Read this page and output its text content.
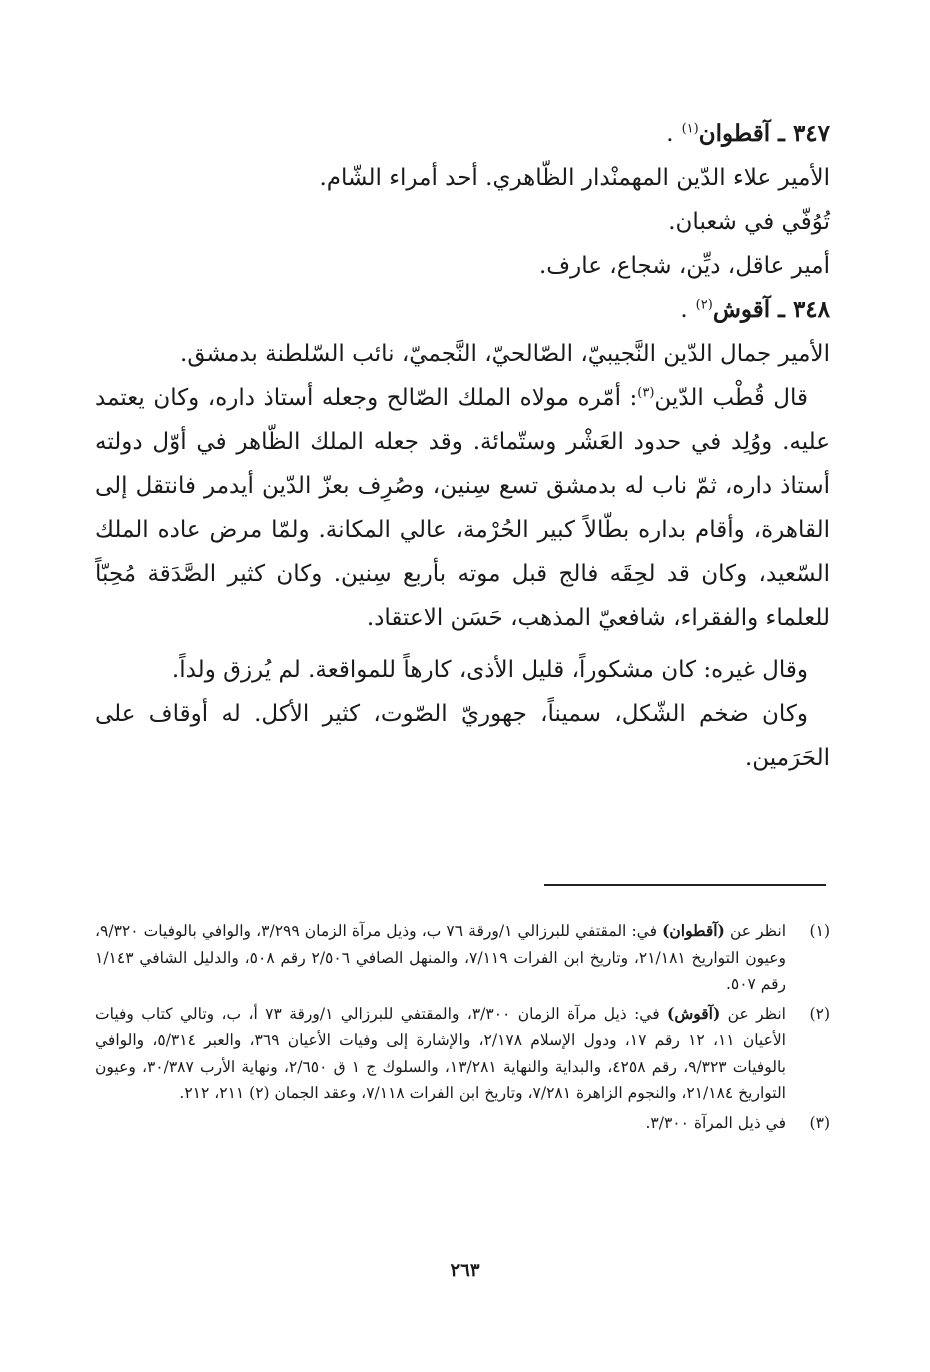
٣٤٧ ـ آقطوان$^{(١)}$ .

الأمير علاء الدّين المهمنْدار الظّاهري. أحد أمراء الشّام.

تُوُفّي في شعبان.

أمير عاقل، ديِّن، شجاع، عارف.

٣٤٨ ـ آقوش$^{(٢)}$ .

الأمير جمال الدّين النَّجيبيّ، الصّالحيّ، النَّجميّ، نائب السّلطنة بدمشق.

قال قُطْب الدّين$^{(٣)}$: أمّره مولاه الملك الصّالح وجعله أستاذ داره، وكان يعتمد عليه. ووُلِد في حدود العَشْر وستّمائة. وقد جعله الملك الظّاهر في أوّل دولته أستاذ داره، ثمّ ناب له بدمشق تسع سِنين، وصُرِف بعزّ الدّين أيدمر فانتقل إلى القاهرة، وأقام بداره بطّالاً كبير الحُرْمة، عالي المكانة. ولمّا مرض عاده الملك السّعيد، وكان قد لحِقَه فالج قبل موته بأربع سِنين. وكان كثير الصَّدَقة مُحِبّاً للعلماء والفقراء، شافعيّ المذهب، حَسَن الاعتقاد.

وقال غيره: كان مشكوراً، قليل الأذى، كارهاً للمواقعة. لم يُرزق ولداً.

وكان ضخم الشّكل، سميناً، جهوريّ الصّوت، كثير الأكل. له أوقاف على الحَرَمين.

(١)
انظر عن (آقطوان) في: المقتفي للبرزالي ١/ورقة ٧٦ ب، وذيل مرآة الزمان ٣/٢٩٩، والوافي بالوفيات ٩/٣٢٠، وعيون التواريخ ٢١/١٨١، وتاريخ ابن الفرات ٧/١١٩، والمنهل الصافي ٢/٥٠٦ رقم ٥٠٨، والدليل الشافي ١/١٤٣ رقم ٥٠٧.
(٢)
انظر عن (آقوش) في: ذيل مرآة الزمان ٣/٣٠٠، والمقتفي للبرزالي ١/ورقة ٧٣ أ، ب، وتالي كتاب وفيات الأعيان ١١، ١٢ رقم ١٧، ودول الإسلام ٢/١٧٨، والإشارة إلى وفيات الأعيان ٣٦٩، والعبر ٥/٣١٤، والوافي بالوفيات ٩/٣٢٣، رقم ٤٢٥٨، والبداية والنهاية ١٣/٢٨١، والسلوك ج ١ ق ٢/٦٥٠، ونهاية الأرب ٣٠/٣٨٧، وعيون التواريخ ٢١/١٨٤، والنجوم الزاهرة ٧/٢٨١، وتاريخ ابن الفرات ٧/١١٨، وعقد الجمان (٢) ٢١١، ٢١٢.
(٣)
في ذيل المرآة ٣/٣٠٠.
٢٦٣
